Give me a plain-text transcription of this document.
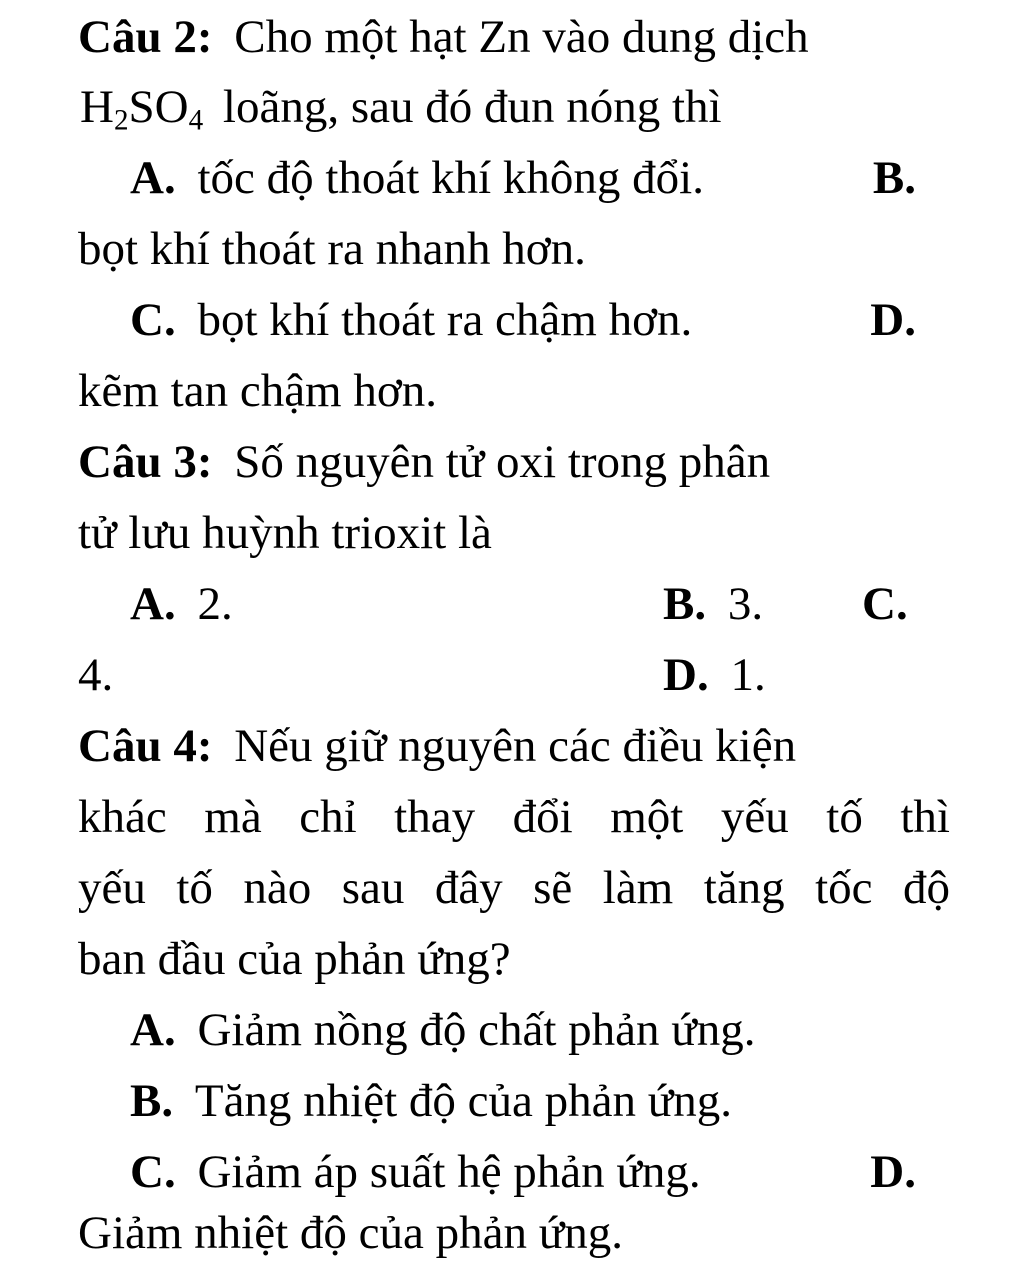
Câu 2: Cho một hạt Zn vào dung dịch
$H_2SO_4$ loãng, sau đó đun nóng thì
A. tốc độ thoát khí không đổi.	B.
bọt khí thoát ra nhanh hơn.
C. bọt khí thoát ra chậm hơn.	D.
kẽm tan chậm hơn.
Câu 3: Số nguyên tử oxi trong phân
tử lưu huỳnh trioxit là
A. 2.	B. 3. C.
4.	D. 1.
Câu 4: Nếu giữ nguyên các điều kiện
khác mà chỉ thay đổi một yếu tố thì
yếu tố nào sau đây sẽ làm tăng tốc độ
ban đầu của phản ứng?
A. Giảm nồng độ chất phản ứng.
B. Tăng nhiệt độ của phản ứng.
C. Giảm áp suất hệ phản ứng.	D.
Giảm nhiệt độ của phản ứng.
